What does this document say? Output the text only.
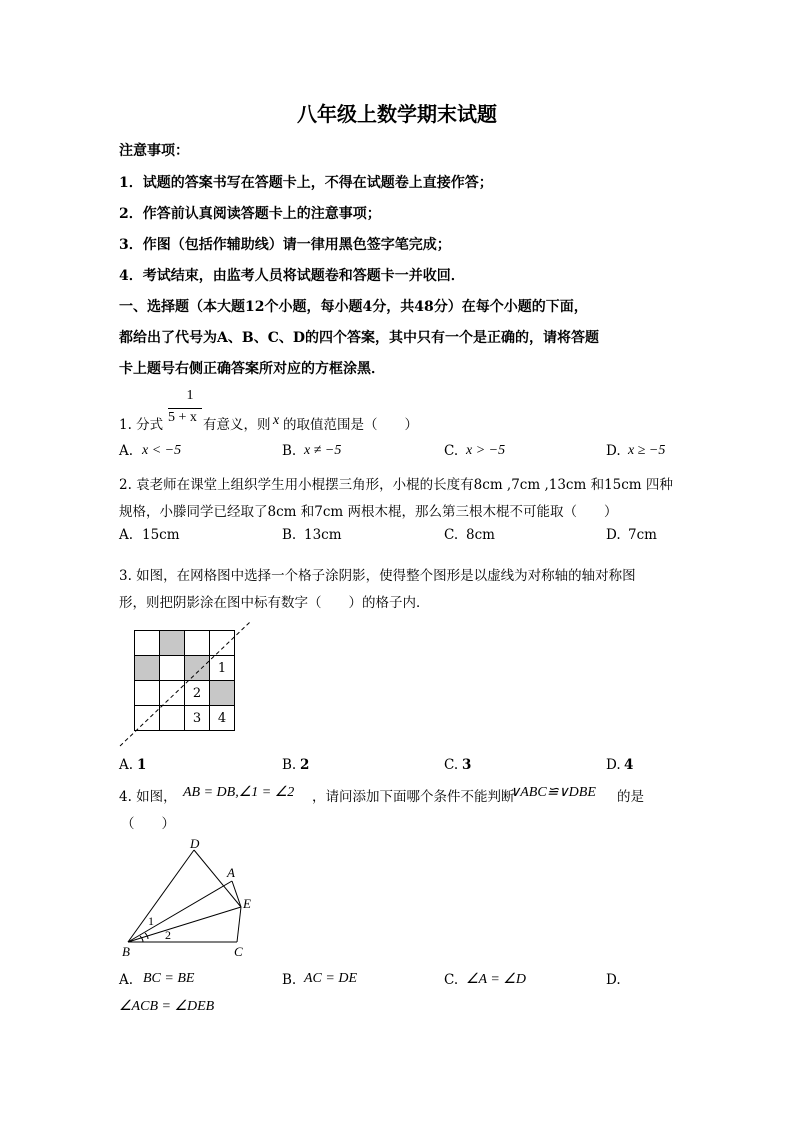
八年级上数学期末试题
注意事项：
1．试题的答案书写在答题卡上，不得在试题卷上直接作答；
2．作答前认真阅读答题卡上的注意事项；
3．作图（包括作辅助线）请一律用黑色签字笔完成；
4．考试结束，由监考人员将试题卷和答题卡一并收回．
一、选择题（本大题12个小题，每小题4分，共48分）在每个小题的下面，
都给出了代号为A、B、C、D的四个答案，其中只有一个是正确的，请将答题
卡上题号右侧正确答案所对应的方框涂黑．
1. 分式
1
5 + x 有意义，则 x 的取值范围是（　　）
A. x < −5	B. x ≠ −5	C. x > −5	D. x ≥ −5
2. 袁老师在课堂上组织学生用小棍摆三角形，小棍的长度有8cm ,7cm ,13cm 和15cm 四种
规格，小滕同学已经取了8cm 和7cm 两根木棍，那么第三根木棍不可能取（　　）
A. 15cm	B. 13cm	C. 8cm	D. 7cm
3. 如图，在网格图中选择一个格子涂阴影，使得整个图形是以虚线为对称轴的轴对称图
形，则把阴影涂在图中标有数字（　　）的格子内．

			1
		2	
		3	4
A. 1	B. 2	C. 3	D. 4
4. 如图， AB = DB,∠1 = ∠2 ，请问添加下面哪个条件不能判断
∨ABC≌∨DBE 的是
（　　）
D
A
E
B	C
1
2
A. BC = BE	B. AC = DE	C. ∠A = ∠D	D.
∠ACB = ∠DEB
